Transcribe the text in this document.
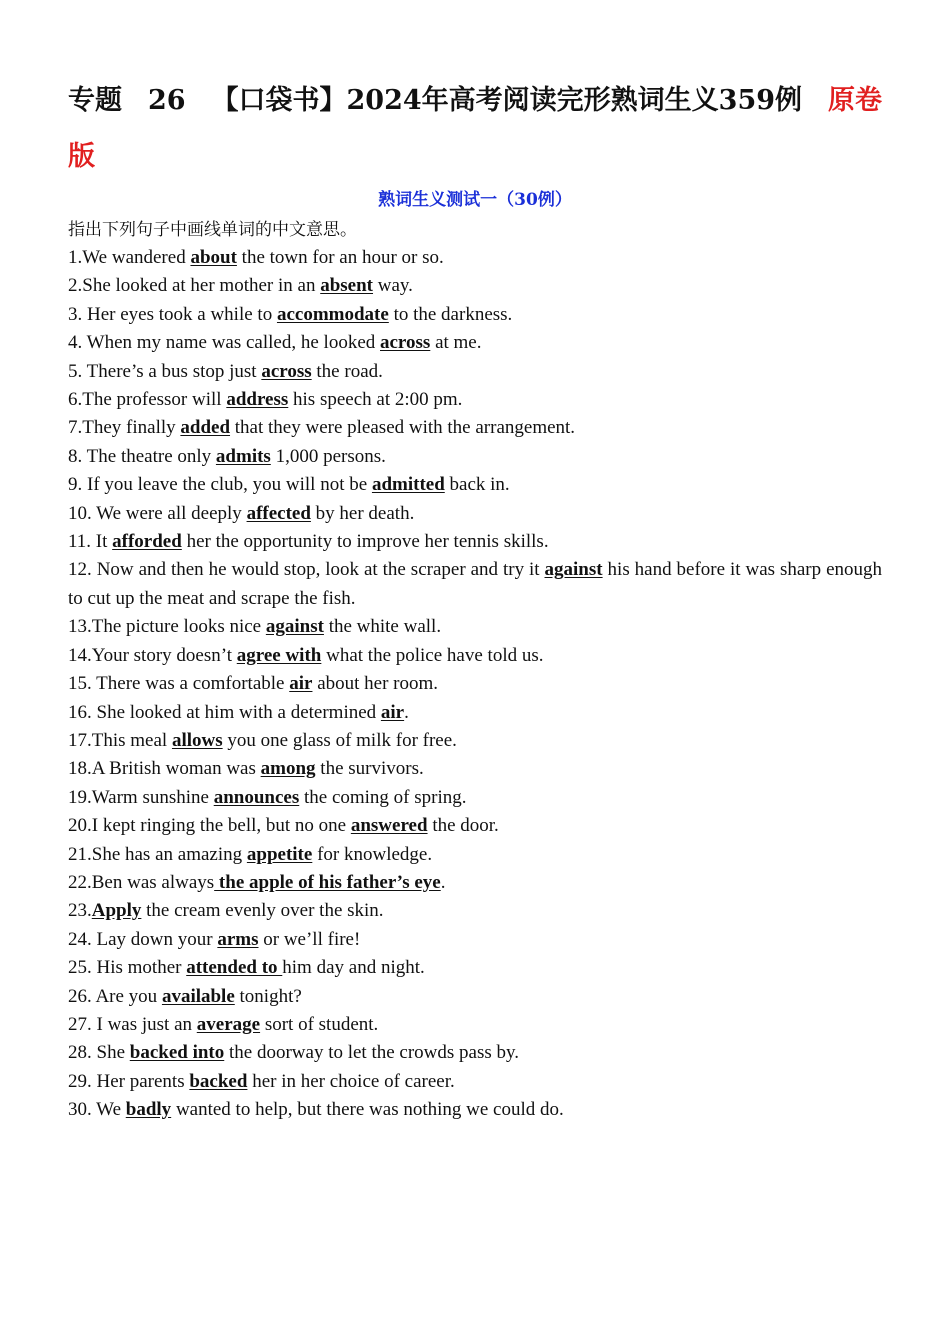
专题 26 【口袋书】2024年高考阅读完形熟词生义359例 原卷
版
熟词生义测试一（30例）
指出下列句子中画线单词的中文意思。
1.We wandered about the town for an hour or so.
2.She looked at her mother in an absent way.
3. Her eyes took a while to accommodate to the darkness.
4. When my name was called, he looked across at me.
5. There’s a bus stop just across the road.
6.The professor will address his speech at 2:00 pm.
7.They finally added that they were pleased with the arrangement.
8. The theatre only admits 1,000 persons.
9. If you leave the club, you will not be admitted back in.
10. We were all deeply affected by her death.
11. It afforded her the opportunity to improve her tennis skills.
12. Now and then he would stop, look at the scraper and try it against his hand before it was sharp enough to cut up the meat and scrape the fish.
13.The picture looks nice against the white wall.
14.Your story doesn’t agree with what the police have told us.
15. There was a comfortable air about her room.
16. She looked at him with a determined air.
17.This meal allows you one glass of milk for free.
18.A British woman was among the survivors.
19.Warm sunshine announces the coming of spring.
20.I kept ringing the bell, but no one answered the door.
21.She has an amazing appetite for knowledge.
22.Ben was always the apple of his father’s eye.
23.Apply the cream evenly over the skin.
24. Lay down your arms or we’ll fire!
25. His mother attended to him day and night.
26. Are you available tonight?
27. I was just an average sort of student.
28. She backed into the doorway to let the crowds pass by.
29. Her parents backed her in her choice of career.
30. We badly wanted to help, but there was nothing we could do.
